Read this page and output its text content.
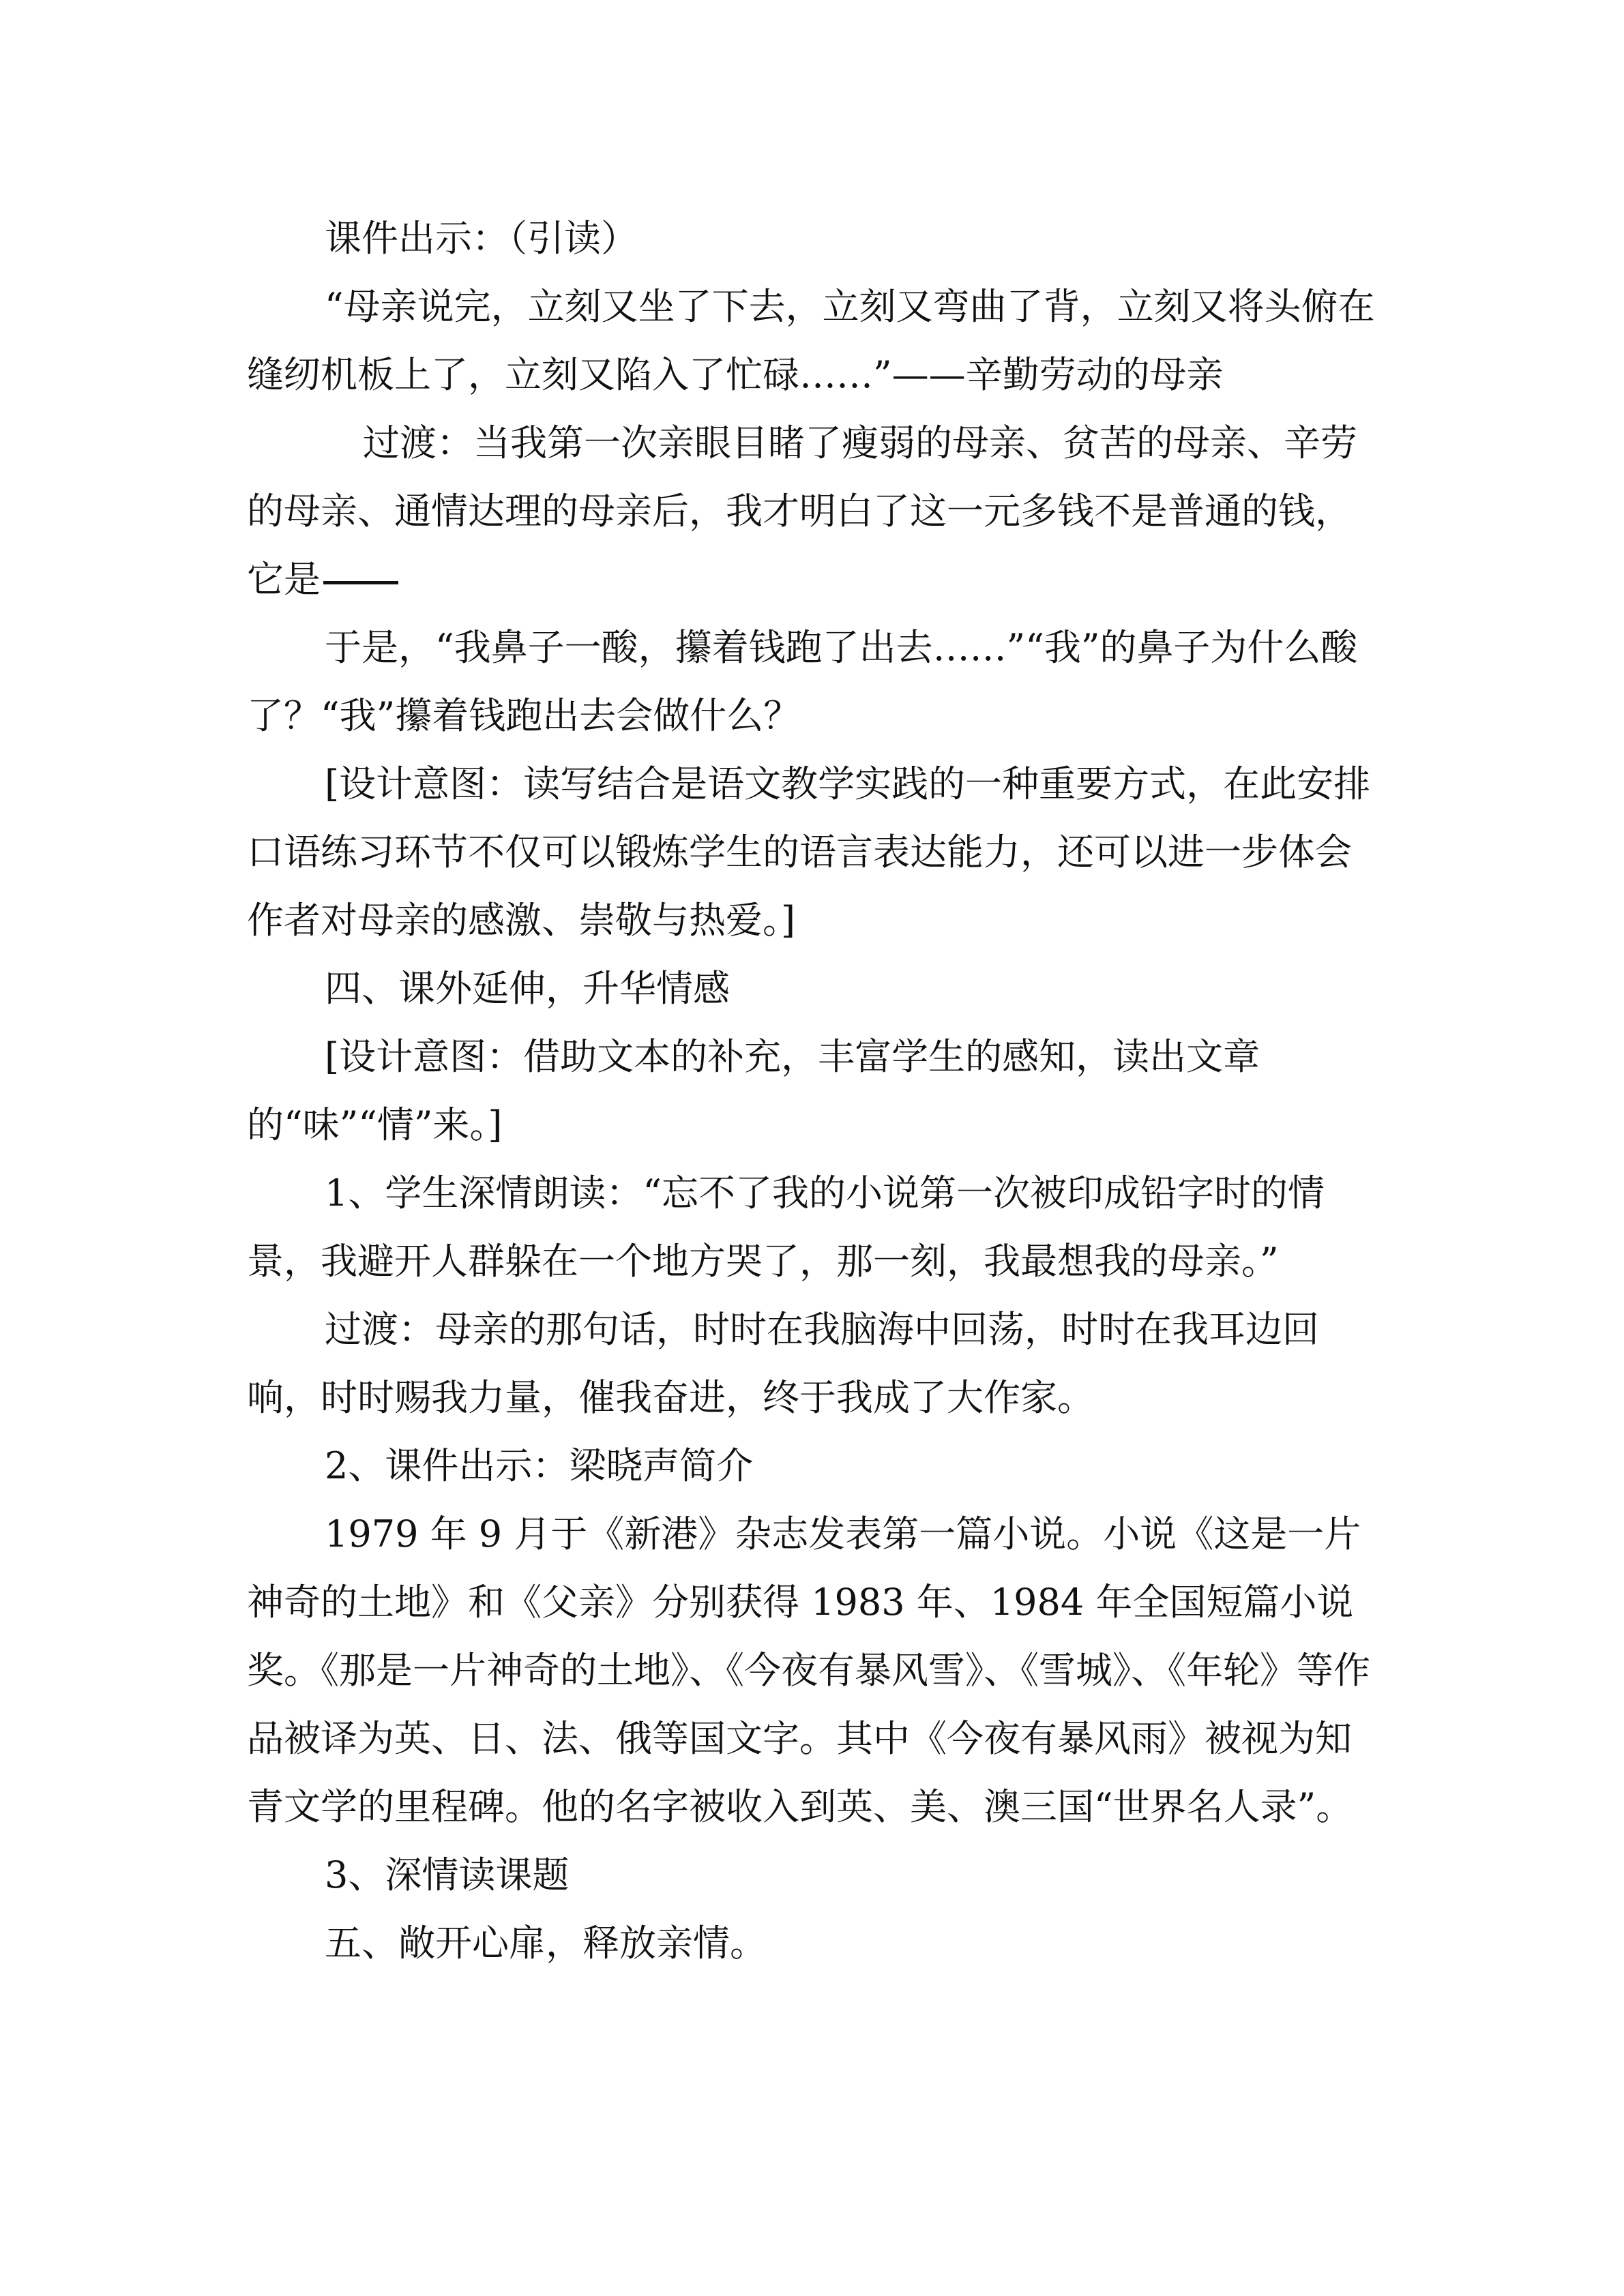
课件出示：（引读）

“母亲说完，立刻又坐了下去，立刻又弯曲了背，立刻又将头俯在缝纫机板上了，立刻又陷入了忙碌……”——辛勤劳动的母亲

过渡：当我第一次亲眼目睹了瘦弱的母亲、贫苦的母亲、辛劳的母亲、通情达理的母亲后，我才明白了这一元多钱不是普通的钱，它是

于是，“我鼻子一酸，攥着钱跑了出去……”“我”的鼻子为什么酸了？“我”攥着钱跑出去会做什么？

[设计意图：读写结合是语文教学实践的一种重要方式，在此安排口语练习环节不仅可以锻炼学生的语言表达能力，还可以进一步体会作者对母亲的感激、崇敬与热爱。]

四、课外延伸，升华情感

[设计意图：借助文本的补充，丰富学生的感知，读出文章的“味”“情”来。]

1、学生深情朗读：“忘不了我的小说第一次被印成铅字时的情景，我避开人群躲在一个地方哭了，那一刻，我最想我的母亲。”

过渡：母亲的那句话，时时在我脑海中回荡，时时在我耳边回响，时时赐我力量，催我奋进，终于我成了大作家。

2、课件出示：梁晓声简介

1979 年 9 月于《新港》杂志发表第一篇小说。小说《这是一片神奇的土地》和《父亲》分别获得 1983 年、1984 年全国短篇小说奖。《那是一片神奇的土地》、《今夜有暴风雪》、《雪城》、《年轮》等作品被译为英、日、法、俄等国文字。其中《今夜有暴风雨》被视为知青文学的里程碑。他的名字被收入到英、美、澳三国“世界名人录”。

3、深情读课题

五、敞开心扉，释放亲情。
